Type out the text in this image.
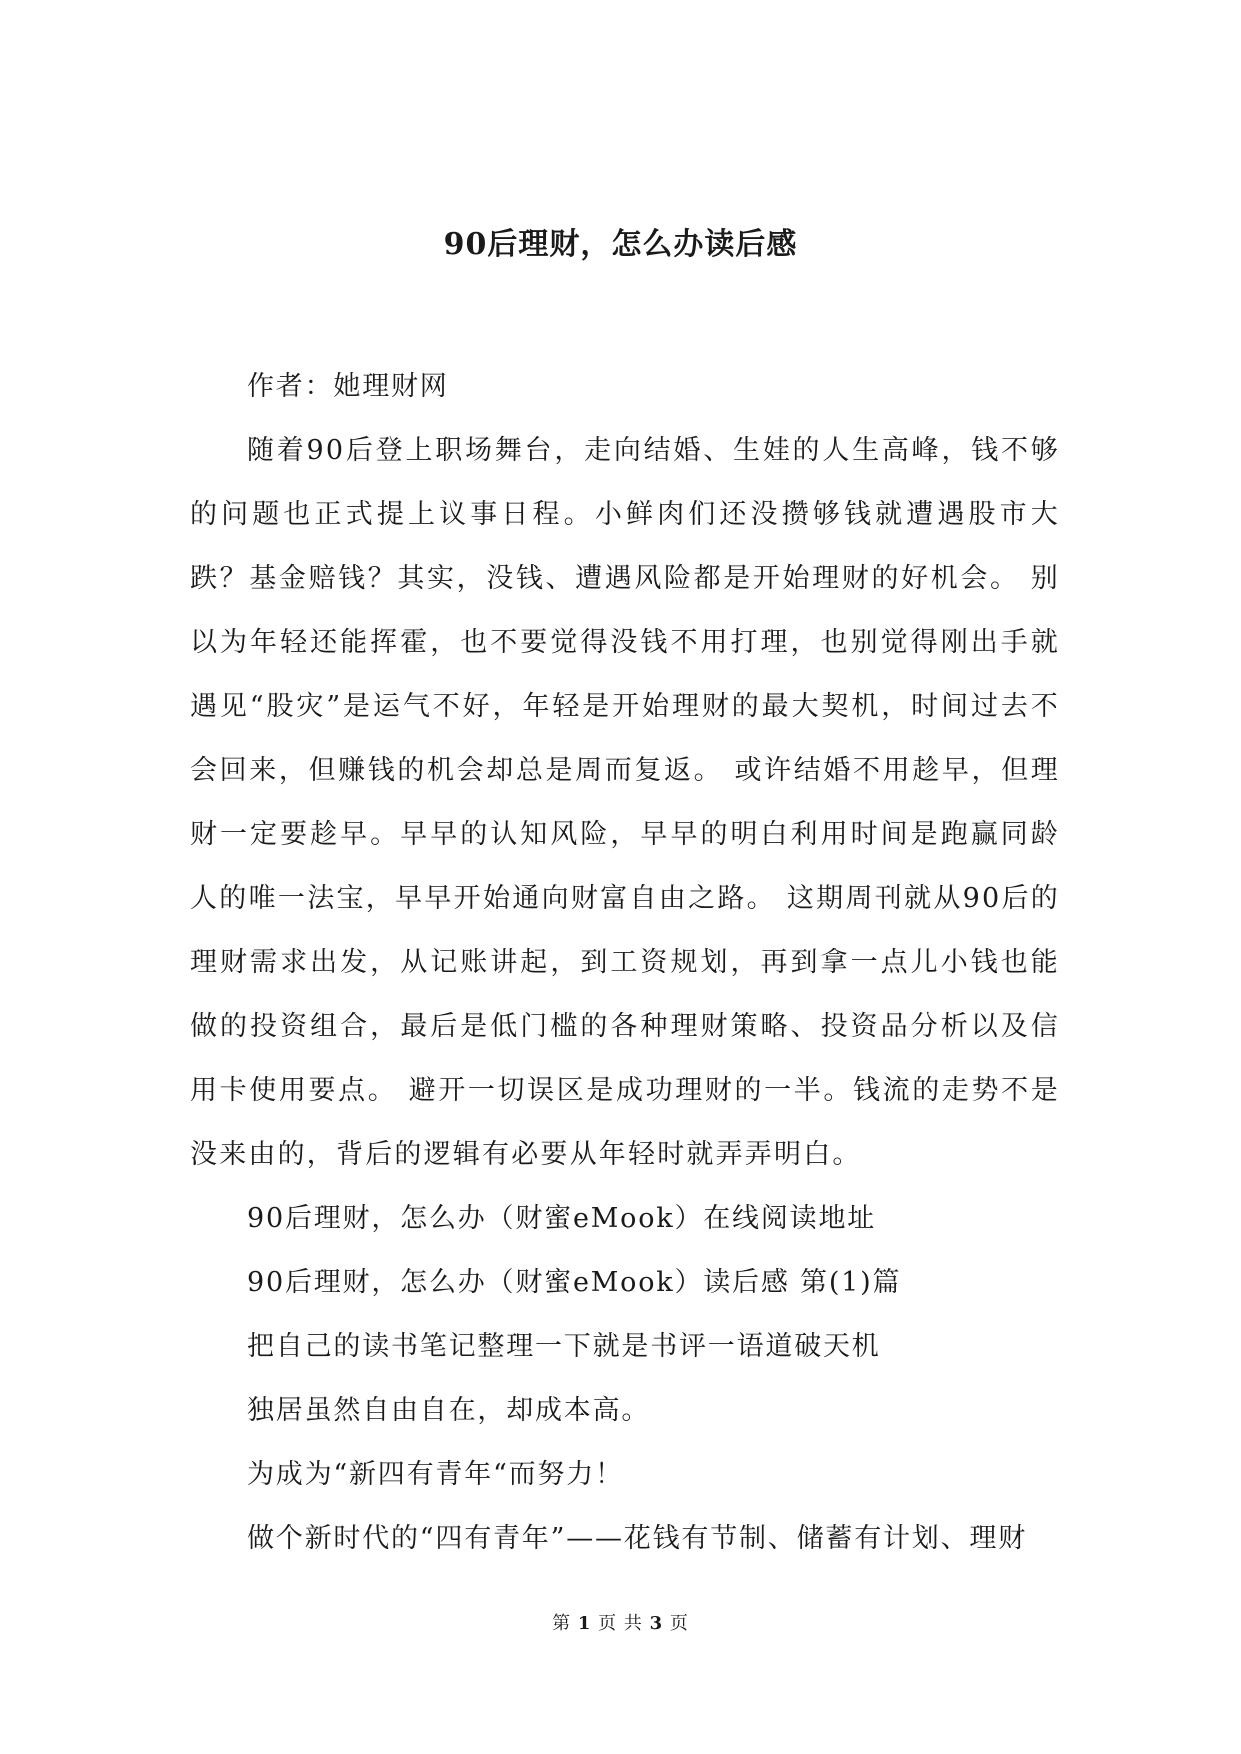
90后理财，怎么办读后感

作者：她理财网

随着90后登上职场舞台，走向结婚、生娃的人生高峰，钱不够的问题也正式提上议事日程。小鲜肉们还没攒够钱就遭遇股市大跌？基金赔钱？其实，没钱、遭遇风险都是开始理财的好机会。 别以为年轻还能挥霍，也不要觉得没钱不用打理，也别觉得刚出手就遇见“股灾”是运气不好，年轻是开始理财的最大契机，时间过去不会回来，但赚钱的机会却总是周而复返。 或许结婚不用趁早，但理财一定要趁早。早早的认知风险，早早的明白利用时间是跑赢同龄人的唯一法宝，早早开始通向财富自由之路。 这期周刊就从90后的理财需求出发，从记账讲起，到工资规划，再到拿一点儿小钱也能做的投资组合，最后是低门槛的各种理财策略、投资品分析以及信用卡使用要点。 避开一切误区是成功理财的一半。钱流的走势不是没来由的，背后的逻辑有必要从年轻时就弄弄明白。

90后理财，怎么办（财蜜eMook）在线阅读地址

90后理财，怎么办（财蜜eMook）读后感 第(1)篇

把自己的读书笔记整理一下就是书评一语道破天机

独居虽然自由自在，却成本高。

为成为“新四有青年“而努力！

做个新时代的“四有青年”——花钱有节制、储蓄有计划、理财

第 1 页 共 3 页
